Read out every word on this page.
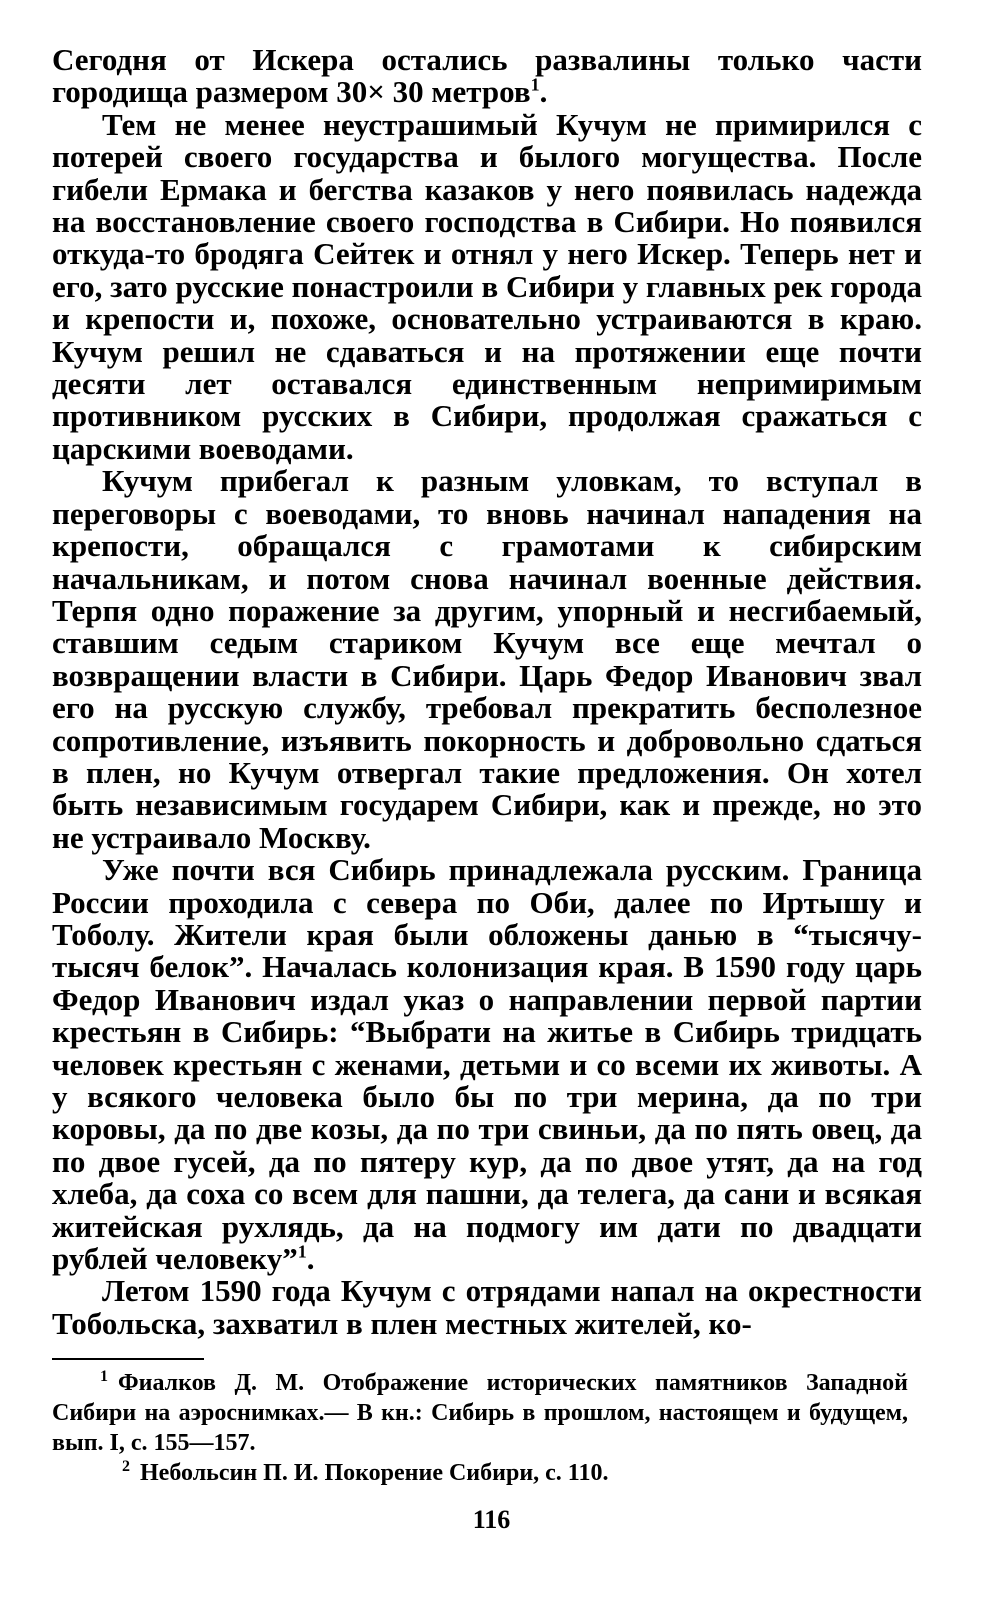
Сегодня от Искера остались развалины только части городища размером 30× 30 метров$^1$.

Тем не менее неустрашимый Кучум не примирился с потерей своего государства и былого могущества. После гибели Ермака и бегства казаков у него появилась надежда на восстановление своего господства в Сибири. Но появился откуда-то бродяга Сейтек и отнял у него Искер. Теперь нет и его, зато русские понастроили в Сибири у главных рек города и крепости и, похоже, основательно устраиваются в краю. Кучум решил не сдаваться и на протяжении еще почти десяти лет оставался единственным непримиримым противником русских в Сибири, продолжая сражаться с царскими воеводами.

Кучум прибегал к разным уловкам, то вступал в переговоры с воеводами, то вновь начинал нападения на крепости, обращался с грамотами к сибирским начальникам, и потом снова начинал военные действия. Терпя одно поражение за другим, упорный и несгибаемый, ставшим седым стариком Кучум все еще мечтал о возвращении власти в Сибири. Царь Федор Иванович звал его на русскую службу, требовал прекратить бесполезное сопротивление, изъявить покорность и добровольно сдаться в плен, но Кучум отвергал такие предложения. Он хотел быть независимым государем Сибири, как и прежде, но это не устраивало Москву.

Уже почти вся Сибирь принадлежала русским. Граница России проходила с севера по Оби, далее по Иртышу и Тоболу. Жители края были обложены данью в “тысячу-тысяч белок”. Началась колонизация края. В 1590 году царь Федор Иванович издал указ о направлении первой партии крестьян в Сибирь: “Выбрати на житье в Сибирь тридцать человек крестьян с женами, детьми и со всеми их животы. А у всякого человека было бы по три мерина, да по три коровы, да по две козы, да по три свиньи, да по пять овец, да по двое гусей, да по пятеру кур, да по двое утят, да на год хлеба, да соха со всем для пашни, да телега, да сани и всякая житейская рухлядь, да на подмогу им дати по двадцати рублей человеку”$^1$.

Летом 1590 года Кучум с отрядами напал на окрестности Тобольска, захватил в плен местных жителей, ко-

$^1$ Фиалков Д. М. Отображение исторических памятников Западной Сибири на аэроснимках.— В кн.: Сибирь в прошлом, настоящем и будущем, вып. I, с. 155—157.

$^2$ Небольсин П. И. Покорение Сибири, с. 110.

116
